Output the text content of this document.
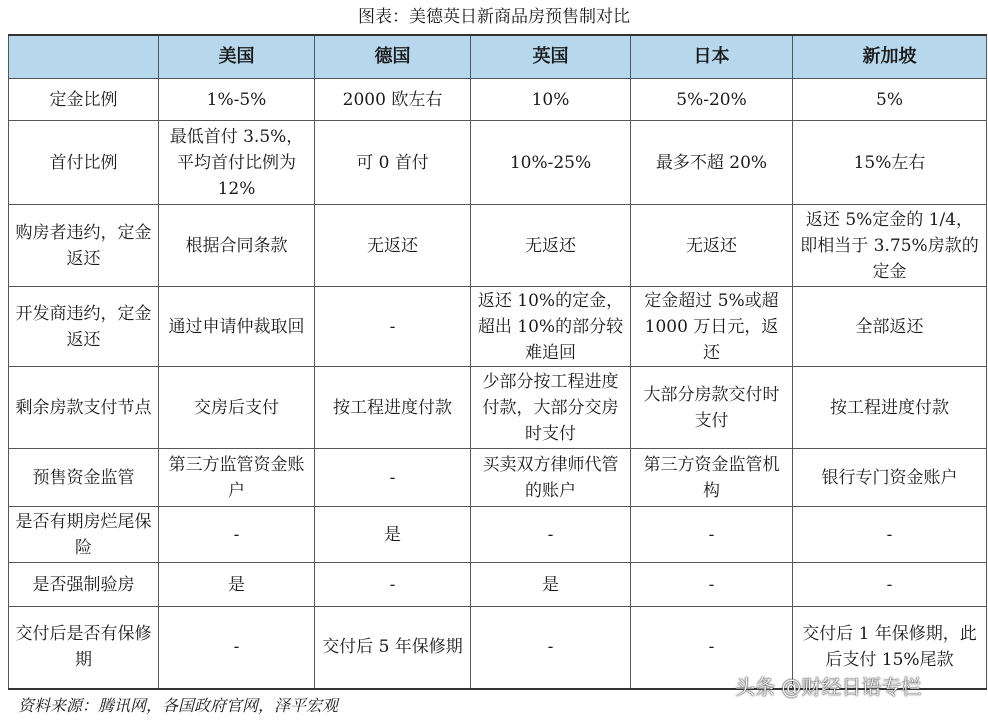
图表：美德英日新商品房预售制对比
	美国	德国	英国	日本	新加坡
定金比例	1%-5%	2000 欧左右	10%	5%-20%	5%
首付比例	最低首付 3.5%，平均首付比例为 12%	可 0 首付	10%-25%	最多不超 20%	15%左右
购房者违约，定金返还	根据合同条款	无返还	无返还	无返还	返还 5%定金的 1/4，即相当于 3.75%房款的定金
开发商违约，定金返还	通过申请仲裁取回	-	返还 10%的定金，超出 10%的部分较难追回	定金超过 5%或超 1000 万日元，返还	全部返还
剩余房款支付节点	交房后支付	按工程进度付款	少部分按工程进度付款，大部分交房时支付	大部分房款交付时支付	按工程进度付款
预售资金监管	第三方监管资金账户	-	买卖双方律师代管的账户	第三方资金监管机构	银行专门资金账户
是否有期房烂尾保险	-	是	-	-	-
是否强制验房	是	-	是	-	-
交付后是否有保修期	-	交付后 5 年保修期	-	-	交付后 1 年保修期，此后支付 15%尾款
资料来源：腾讯网，各国政府官网，泽平宏观
头条 @财经日语专栏
